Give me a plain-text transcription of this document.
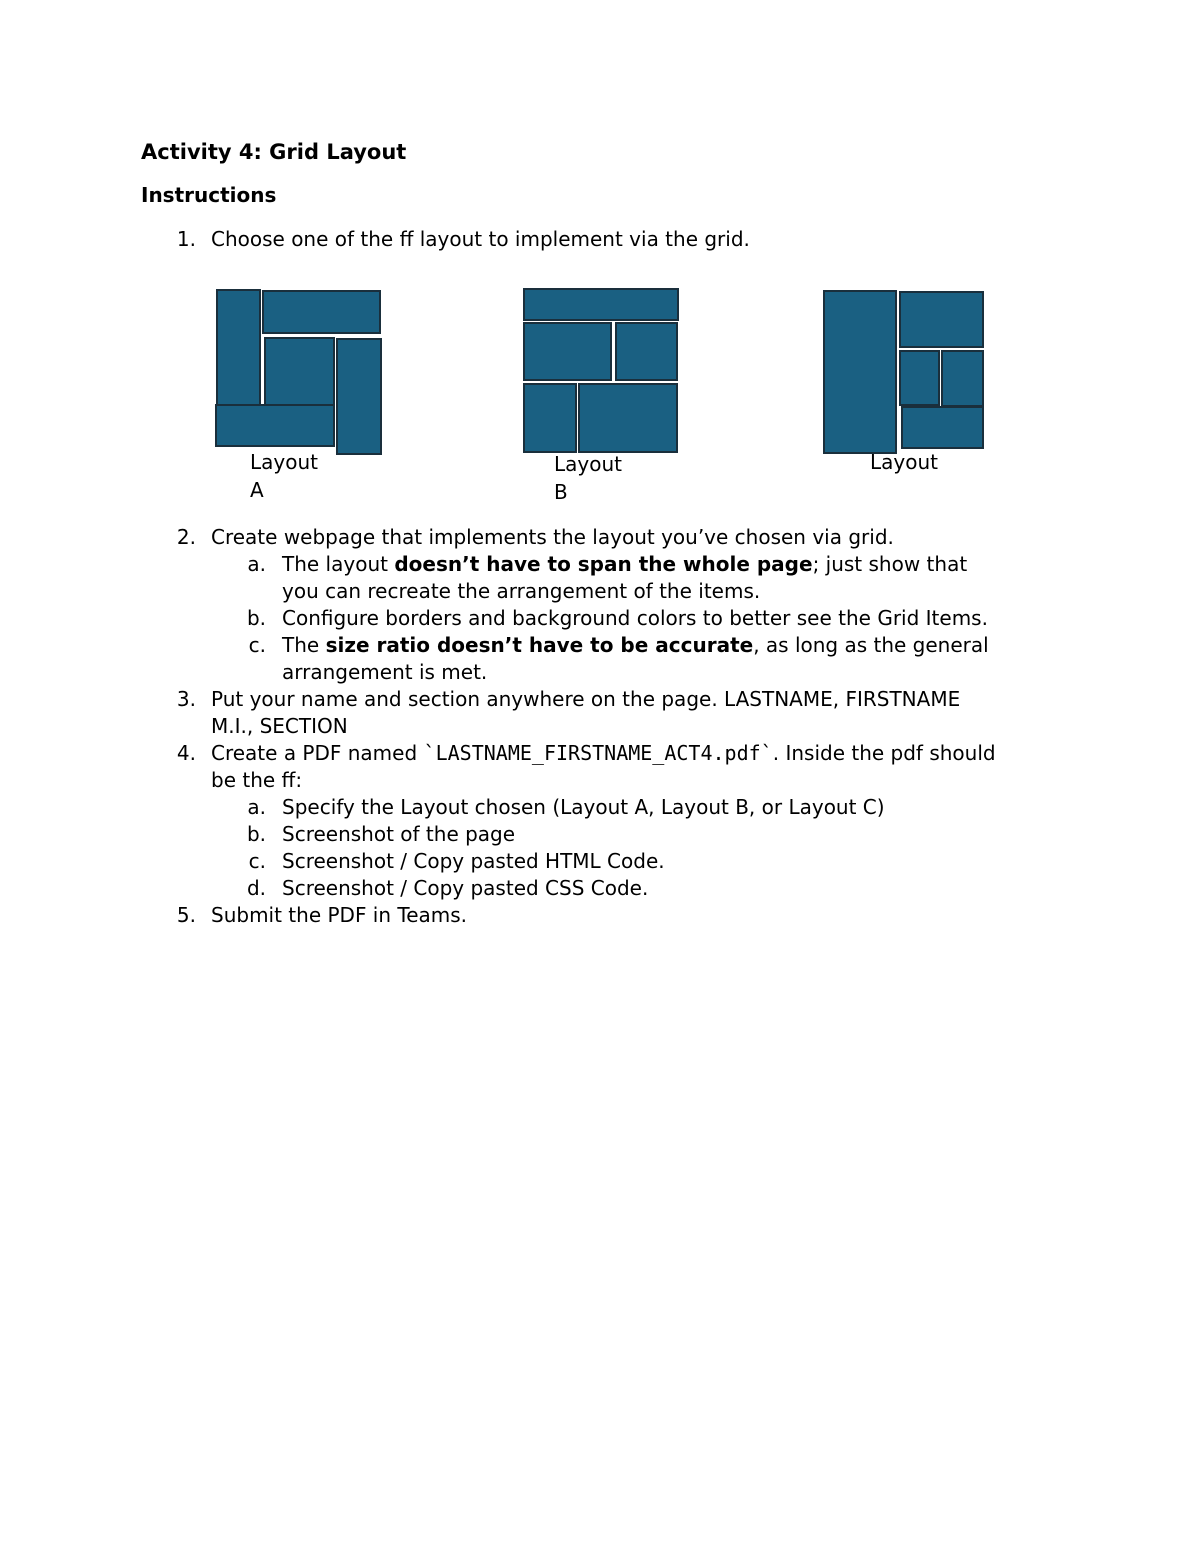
Activity 4: Grid Layout
Instructions
1. Choose one of the ff layout to implement via the grid.
Layout
A
Layout
B
Layout
2. Create webpage that implements the layout you’ve chosen via grid.
a. The layout doesn’t have to span the whole page; just show that
you can recreate the arrangement of the items.
b. Configure borders and background colors to better see the Grid Items.
c. The size ratio doesn’t have to be accurate, as long as the general
arrangement is met.
3. Put your name and section anywhere on the page. LASTNAME, FIRSTNAME
M.I., SECTION
4. Create a PDF named `LASTNAME_FIRSTNAME_ACT4.pdf`. Inside the pdf should
be the ff:
a. Specify the Layout chosen (Layout A, Layout B, or Layout C)
b. Screenshot of the page
c. Screenshot / Copy pasted HTML Code.
d. Screenshot / Copy pasted CSS Code.
5. Submit the PDF in Teams.
